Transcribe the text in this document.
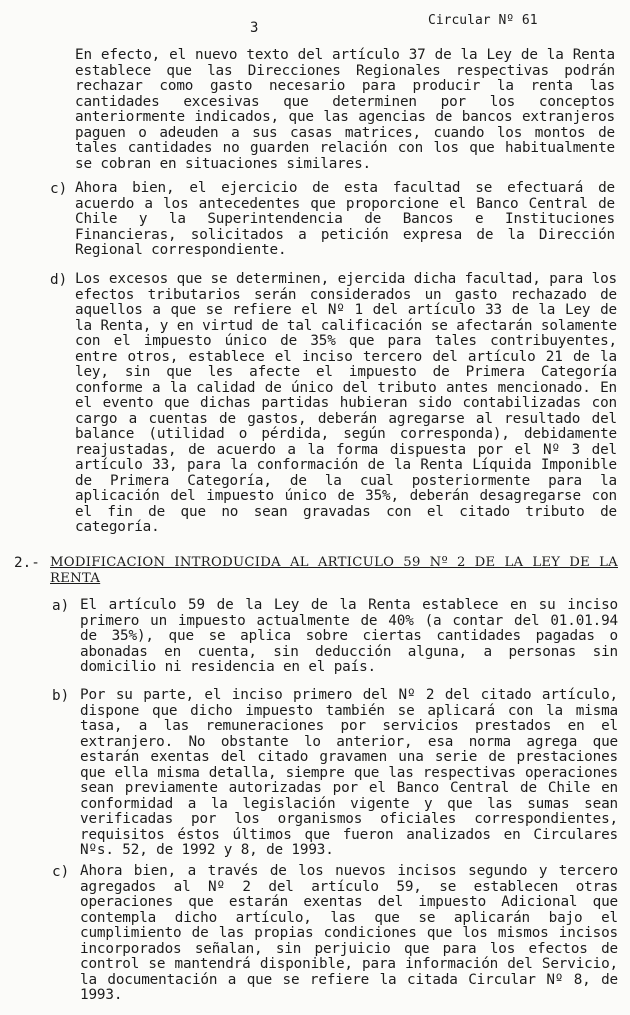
3	Circular Nº 61
En efecto, el nuevo texto del artículo 37 de la Ley de la Renta establece que las Direcciones Regionales respectivas podrán rechazar como gasto necesario para producir la renta las cantidades excesivas que determinen por los conceptos anteriormente indicados, que las agencias de bancos extranjeros paguen o adeuden a sus casas matrices, cuando los montos de tales cantidades no guarden relación con los que habitualmente se cobran en situaciones similares.
c) Ahora bien, el ejercicio de esta facultad se efectuará de acuerdo a los antecedentes que proporcione el Banco Central de Chile y la Superintendencia de Bancos e Instituciones Financieras, solicitados a petición expresa de la Dirección Regional correspondiente.
d) Los excesos que se determinen, ejercida dicha facultad, para los efectos tributarios serán considerados un gasto rechazado de aquellos a que se refiere el Nº 1 del artículo 33 de la Ley de la Renta, y en virtud de tal calificación se afectarán solamente con el impuesto único de 35% que para tales contribuyentes, entre otros, establece el inciso tercero del artículo 21 de la ley, sin que les afecte el impuesto de Primera Categoría conforme a la calidad de único del tributo antes mencionado. En el evento que dichas partidas hubieran sido contabilizadas con cargo a cuentas de gastos, deberán agregarse al resultado del balance (utilidad o pérdida, según corresponda), debidamente reajustadas, de acuerdo a la forma dispuesta por el Nº 3 del artículo 33, para la conformación de la Renta Líquida Imponible de Primera Categoría, de la cual posteriormente para la aplicación del impuesto único de 35%, deberán desagregarse con el fin de que no sean gravadas con el citado tributo de categoría.
2.- MODIFICACION INTRODUCIDA AL ARTICULO 59 Nº 2 DE LA LEY DE LA RENTA
a) El artículo 59 de la Ley de la Renta establece en su inciso primero un impuesto actualmente de 40% (a contar del 01.01.94 de 35%), que se aplica sobre ciertas cantidades pagadas o abonadas en cuenta, sin deducción alguna, a personas sin domicilio ni residencia en el país.
b) Por su parte, el inciso primero del Nº 2 del citado artículo, dispone que dicho impuesto también se aplicará con la misma tasa, a las remuneraciones por servicios prestados en el extranjero. No obstante lo anterior, esa norma agrega que estarán exentas del citado gravamen una serie de prestaciones que ella misma detalla, siempre que las respectivas operaciones sean previamente autorizadas por el Banco Central de Chile en conformidad a la legislación vigente y que las sumas sean verificadas por los organismos oficiales correspondientes, requisitos éstos últimos que fueron analizados en Circulares Nºs. 52, de 1992 y 8, de 1993.
c) Ahora bien, a través de los nuevos incisos segundo y tercero agregados al Nº 2 del artículo 59, se establecen otras operaciones que estarán exentas del impuesto Adicional que contempla dicho artículo, las que se aplicarán bajo el cumplimiento de las propias condiciones que los mismos incisos incorporados señalan, sin perjuicio que para los efectos de control se mantendrá disponible, para información del Servicio, la documentación a que se refiere la citada Circular Nº 8, de 1993.
